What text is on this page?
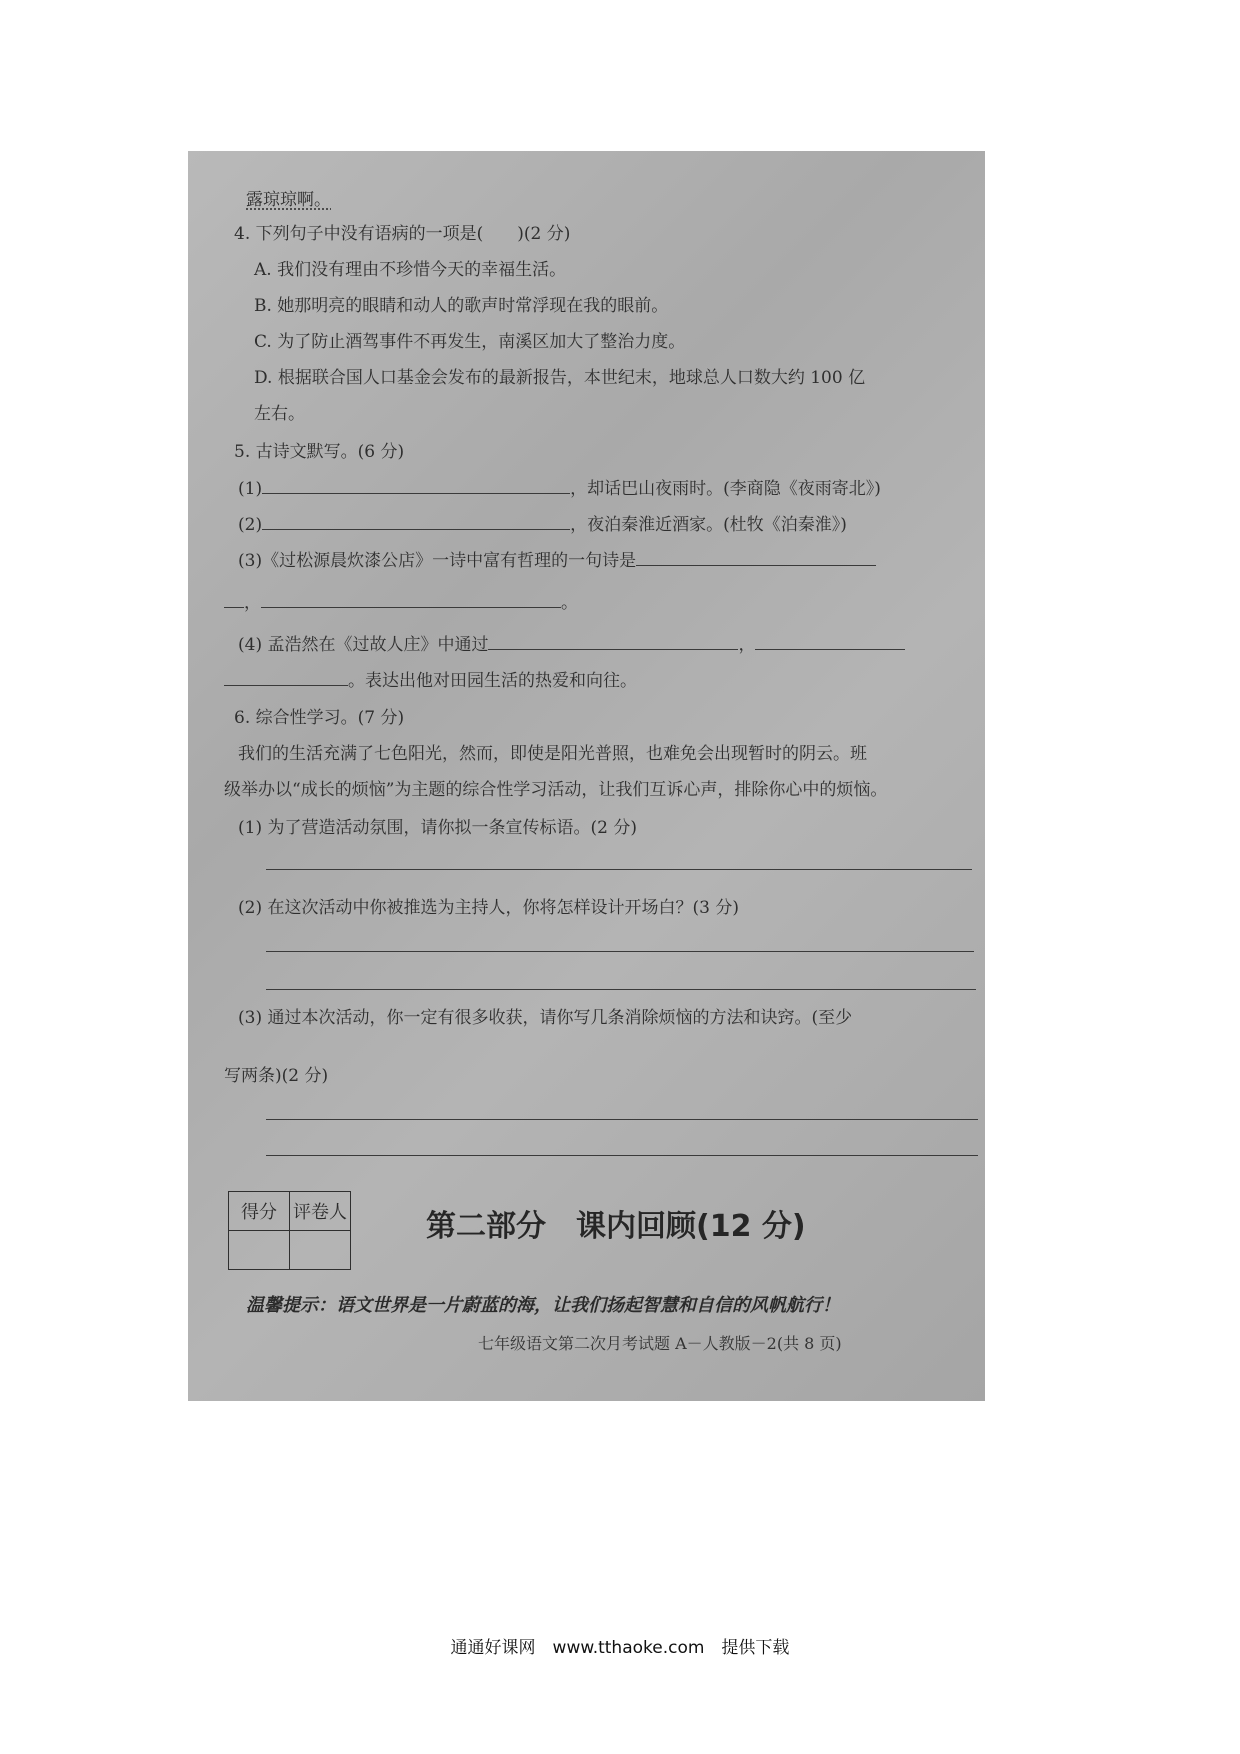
露琼琼啊。
4. 下列句子中没有语病的一项是(　　)(2 分)
A. 我们没有理由不珍惜今天的幸福生活。
B. 她那明亮的眼睛和动人的歌声时常浮现在我的眼前。
C. 为了防止酒驾事件不再发生，南溪区加大了整治力度。
D. 根据联合国人口基金会发布的最新报告，本世纪末，地球总人口数大约 100 亿
左右。
5. 古诗文默写。(6 分)
(1)	，却话巴山夜雨时。(李商隐《夜雨寄北》)
(2)	，夜泊秦淮近酒家。(杜牧《泊秦淮》)
(3)《过松源晨炊漆公店》一诗中富有哲理的一句诗是
，	。
(4) 孟浩然在《过故人庄》中通过	，
。表达出他对田园生活的热爱和向往。
6. 综合性学习。(7 分)
我们的生活充满了七色阳光，然而，即使是阳光普照，也难免会出现暂时的阴云。班
级举办以“成长的烦恼”为主题的综合性学习活动，让我们互诉心声，排除你心中的烦恼。
(1) 为了营造活动氛围，请你拟一条宣传标语。(2 分)
(2) 在这次活动中你被推选为主持人，你将怎样设计开场白？(3 分)
(3) 通过本次活动，你一定有很多收获，请你写几条消除烦恼的方法和诀窍。(至少
写两条)(2 分)
得分	评卷人
		第二部分　课内回顾(12 分)
温馨提示：语文世界是一片蔚蓝的海，让我们扬起智慧和自信的风帆航行！
七年级语文第二次月考试题 A－人教版－2(共 8 页)
通通好课网　www.tthaoke.com　提供下载
